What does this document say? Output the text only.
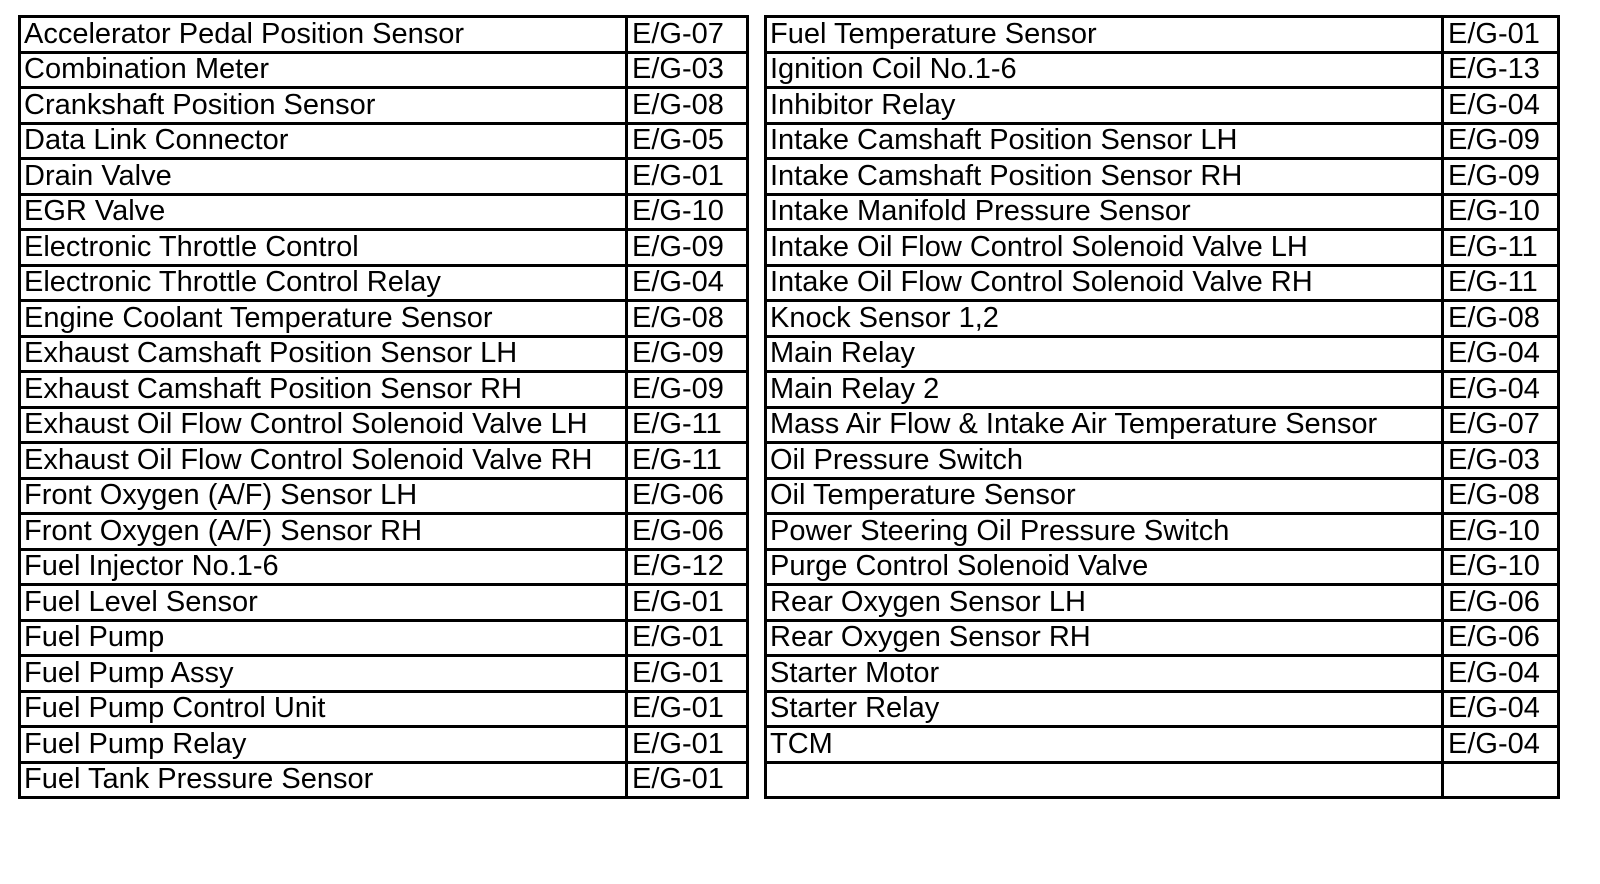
Accelerator Pedal Position Sensor	E/G-07
Combination Meter	E/G-03
Crankshaft Position Sensor	E/G-08
Data Link Connector	E/G-05
Drain Valve	E/G-01
EGR Valve	E/G-10
Electronic Throttle Control	E/G-09
Electronic Throttle Control Relay	E/G-04
Engine Coolant Temperature Sensor	E/G-08
Exhaust Camshaft Position Sensor LH	E/G-09
Exhaust Camshaft Position Sensor RH	E/G-09
Exhaust Oil Flow Control Solenoid Valve LH	E/G-11
Exhaust Oil Flow Control Solenoid Valve RH	E/G-11
Front Oxygen (A/F) Sensor LH	E/G-06
Front Oxygen (A/F) Sensor RH	E/G-06
Fuel Injector No.1-6	E/G-12
Fuel Level Sensor	E/G-01
Fuel Pump	E/G-01
Fuel Pump Assy	E/G-01
Fuel Pump Control Unit	E/G-01
Fuel Pump Relay	E/G-01
Fuel Tank Pressure Sensor	E/G-01
Fuel Temperature Sensor	E/G-01
Ignition Coil No.1-6	E/G-13
Inhibitor Relay	E/G-04
Intake Camshaft Position Sensor LH	E/G-09
Intake Camshaft Position Sensor RH	E/G-09
Intake Manifold Pressure Sensor	E/G-10
Intake Oil Flow Control Solenoid Valve LH	E/G-11
Intake Oil Flow Control Solenoid Valve RH	E/G-11
Knock Sensor 1,2	E/G-08
Main Relay	E/G-04
Main Relay 2	E/G-04
Mass Air Flow & Intake Air Temperature Sensor	E/G-07
Oil Pressure Switch	E/G-03
Oil Temperature Sensor	E/G-08
Power Steering Oil Pressure Switch	E/G-10
Purge Control Solenoid Valve	E/G-10
Rear Oxygen Sensor LH	E/G-06
Rear Oxygen Sensor RH	E/G-06
Starter Motor	E/G-04
Starter Relay	E/G-04
TCM	E/G-04
